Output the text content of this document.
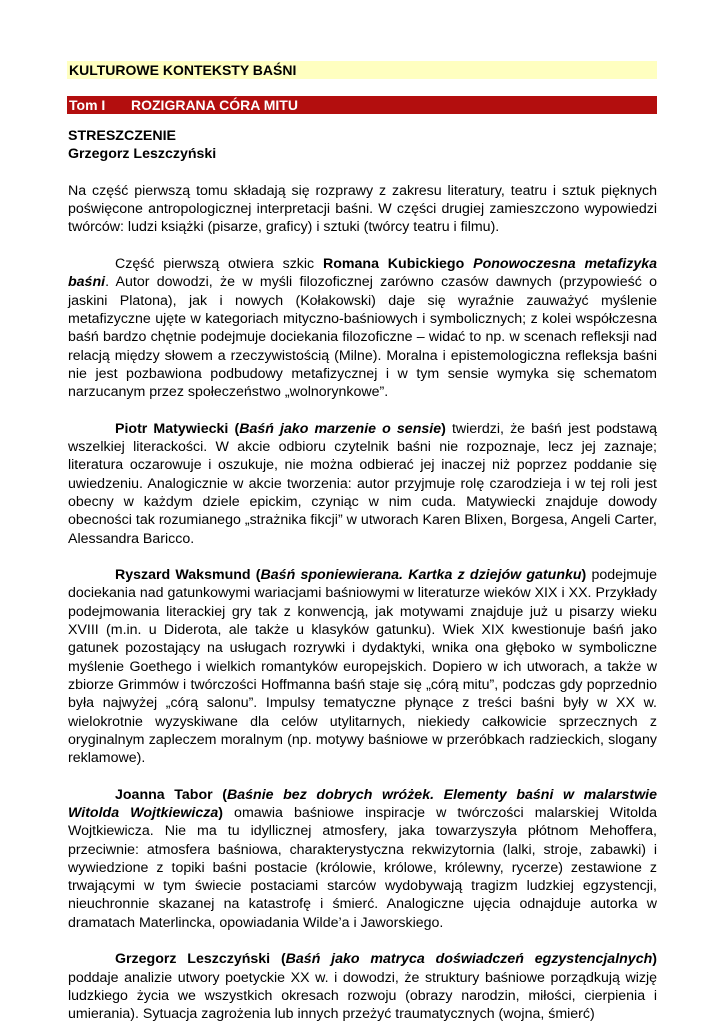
KULTUROWE KONTEKSTY BAŚNI
Tom I ROZIGRANA CÓRA MITU

STRESZCZENIE

Grzegorz Leszczyński

Na część pierwszą tomu składają się rozprawy z zakresu literatury, teatru i sztuk pięknych poświęcone antropologicznej interpretacji baśni. W części drugiej zamieszczono wypowiedzi twórców: ludzi książki (pisarze, graficy) i sztuki (twórcy teatru i filmu).

Część pierwszą otwiera szkic Romana Kubickiego Ponowoczesna metafizyka baśni. Autor dowodzi, że w myśli filozoficznej zarówno czasów dawnych (przypowieść o jaskini Platona), jak i nowych (Kołakowski) daje się wyraźnie zauważyć myślenie metafizyczne ujęte w kategoriach mityczno-baśniowych i symbolicznych; z kolei współczesna baśń bardzo chętnie podejmuje dociekania filozoficzne – widać to np. w scenach refleksji nad relacją między słowem a rzeczywistością (Milne). Moralna i epistemologiczna refleksja baśni nie jest pozbawiona podbudowy metafizycznej i w tym sensie wymyka się schematom narzucanym przez społeczeństwo „wolnorynkowe”.

Piotr Matywiecki (Baśń jako marzenie o sensie) twierdzi, że baśń jest podstawą wszelkiej literackości. W akcie odbioru czytelnik baśni nie rozpoznaje, lecz jej zaznaje; literatura oczarowuje i oszukuje, nie można odbierać jej inaczej niż poprzez poddanie się uwiedzeniu. Analogicznie w akcie tworzenia: autor przyjmuje rolę czarodzieja i w tej roli jest obecny w każdym dziele epickim, czyniąc w nim cuda. Matywiecki znajduje dowody obecności tak rozumianego „strażnika fikcji” w utworach Karen Blixen, Borgesa, Angeli Carter, Alessandra Baricco.

Ryszard Waksmund (Baśń sponiewierana. Kartka z dziejów gatunku) podejmuje dociekania nad gatunkowymi wariacjami baśniowymi w literaturze wieków XIX i XX. Przykłady podejmowania literackiej gry tak z konwencją, jak motywami znajduje już u pisarzy wieku XVIII (m.in. u Diderota, ale także u klasyków gatunku). Wiek XIX kwestionuje baśń jako gatunek pozostający na usługach rozrywki i dydaktyki, wnika ona głęboko w symboliczne myślenie Goethego i wielkich romantyków europejskich. Dopiero w ich utworach, a także w zbiorze Grimmów i twórczości Hoffmanna baśń staje się „córą mitu”, podczas gdy poprzednio była najwyżej „córą salonu”. Impulsy tematyczne płynące z treści baśni były w XX w. wielokrotnie wyzyskiwane dla celów utylitarnych, niekiedy całkowicie sprzecznych z oryginalnym zapleczem moralnym (np. motywy baśniowe w przeróbkach radzieckich, slogany reklamowe).

Joanna Tabor (Baśnie bez dobrych wróżek. Elementy baśni w malarstwie Witolda Wojtkiewicza) omawia baśniowe inspiracje w twórczości malarskiej Witolda Wojtkiewicza. Nie ma tu idyllicznej atmosfery, jaka towarzyszyła płótnom Mehoffera, przeciwnie: atmosfera baśniowa, charakterystyczna rekwizytornia (lalki, stroje, zabawki) i wywiedzione z topiki baśni postacie (królowie, królowe, królewny, rycerze) zestawione z trwającymi w tym świecie postaciami starców wydobywają tragizm ludzkiej egzystencji, nieuchronnie skazanej na katastrofę i śmierć. Analogiczne ujęcia odnajduje autorka w dramatach Materlincka, opowiadania Wilde’a i Jaworskiego.

Grzegorz Leszczyński (Baśń jako matryca doświadczeń egzystencjalnych) poddaje analizie utwory poetyckie XX w. i dowodzi, że struktury baśniowe porządkują wizję ludzkiego życia we wszystkich okresach rozwoju (obrazy narodzin, miłości, cierpienia i umierania). Sytuacja zagrożenia lub innych przeżyć traumatycznych (wojna, śmierć)
